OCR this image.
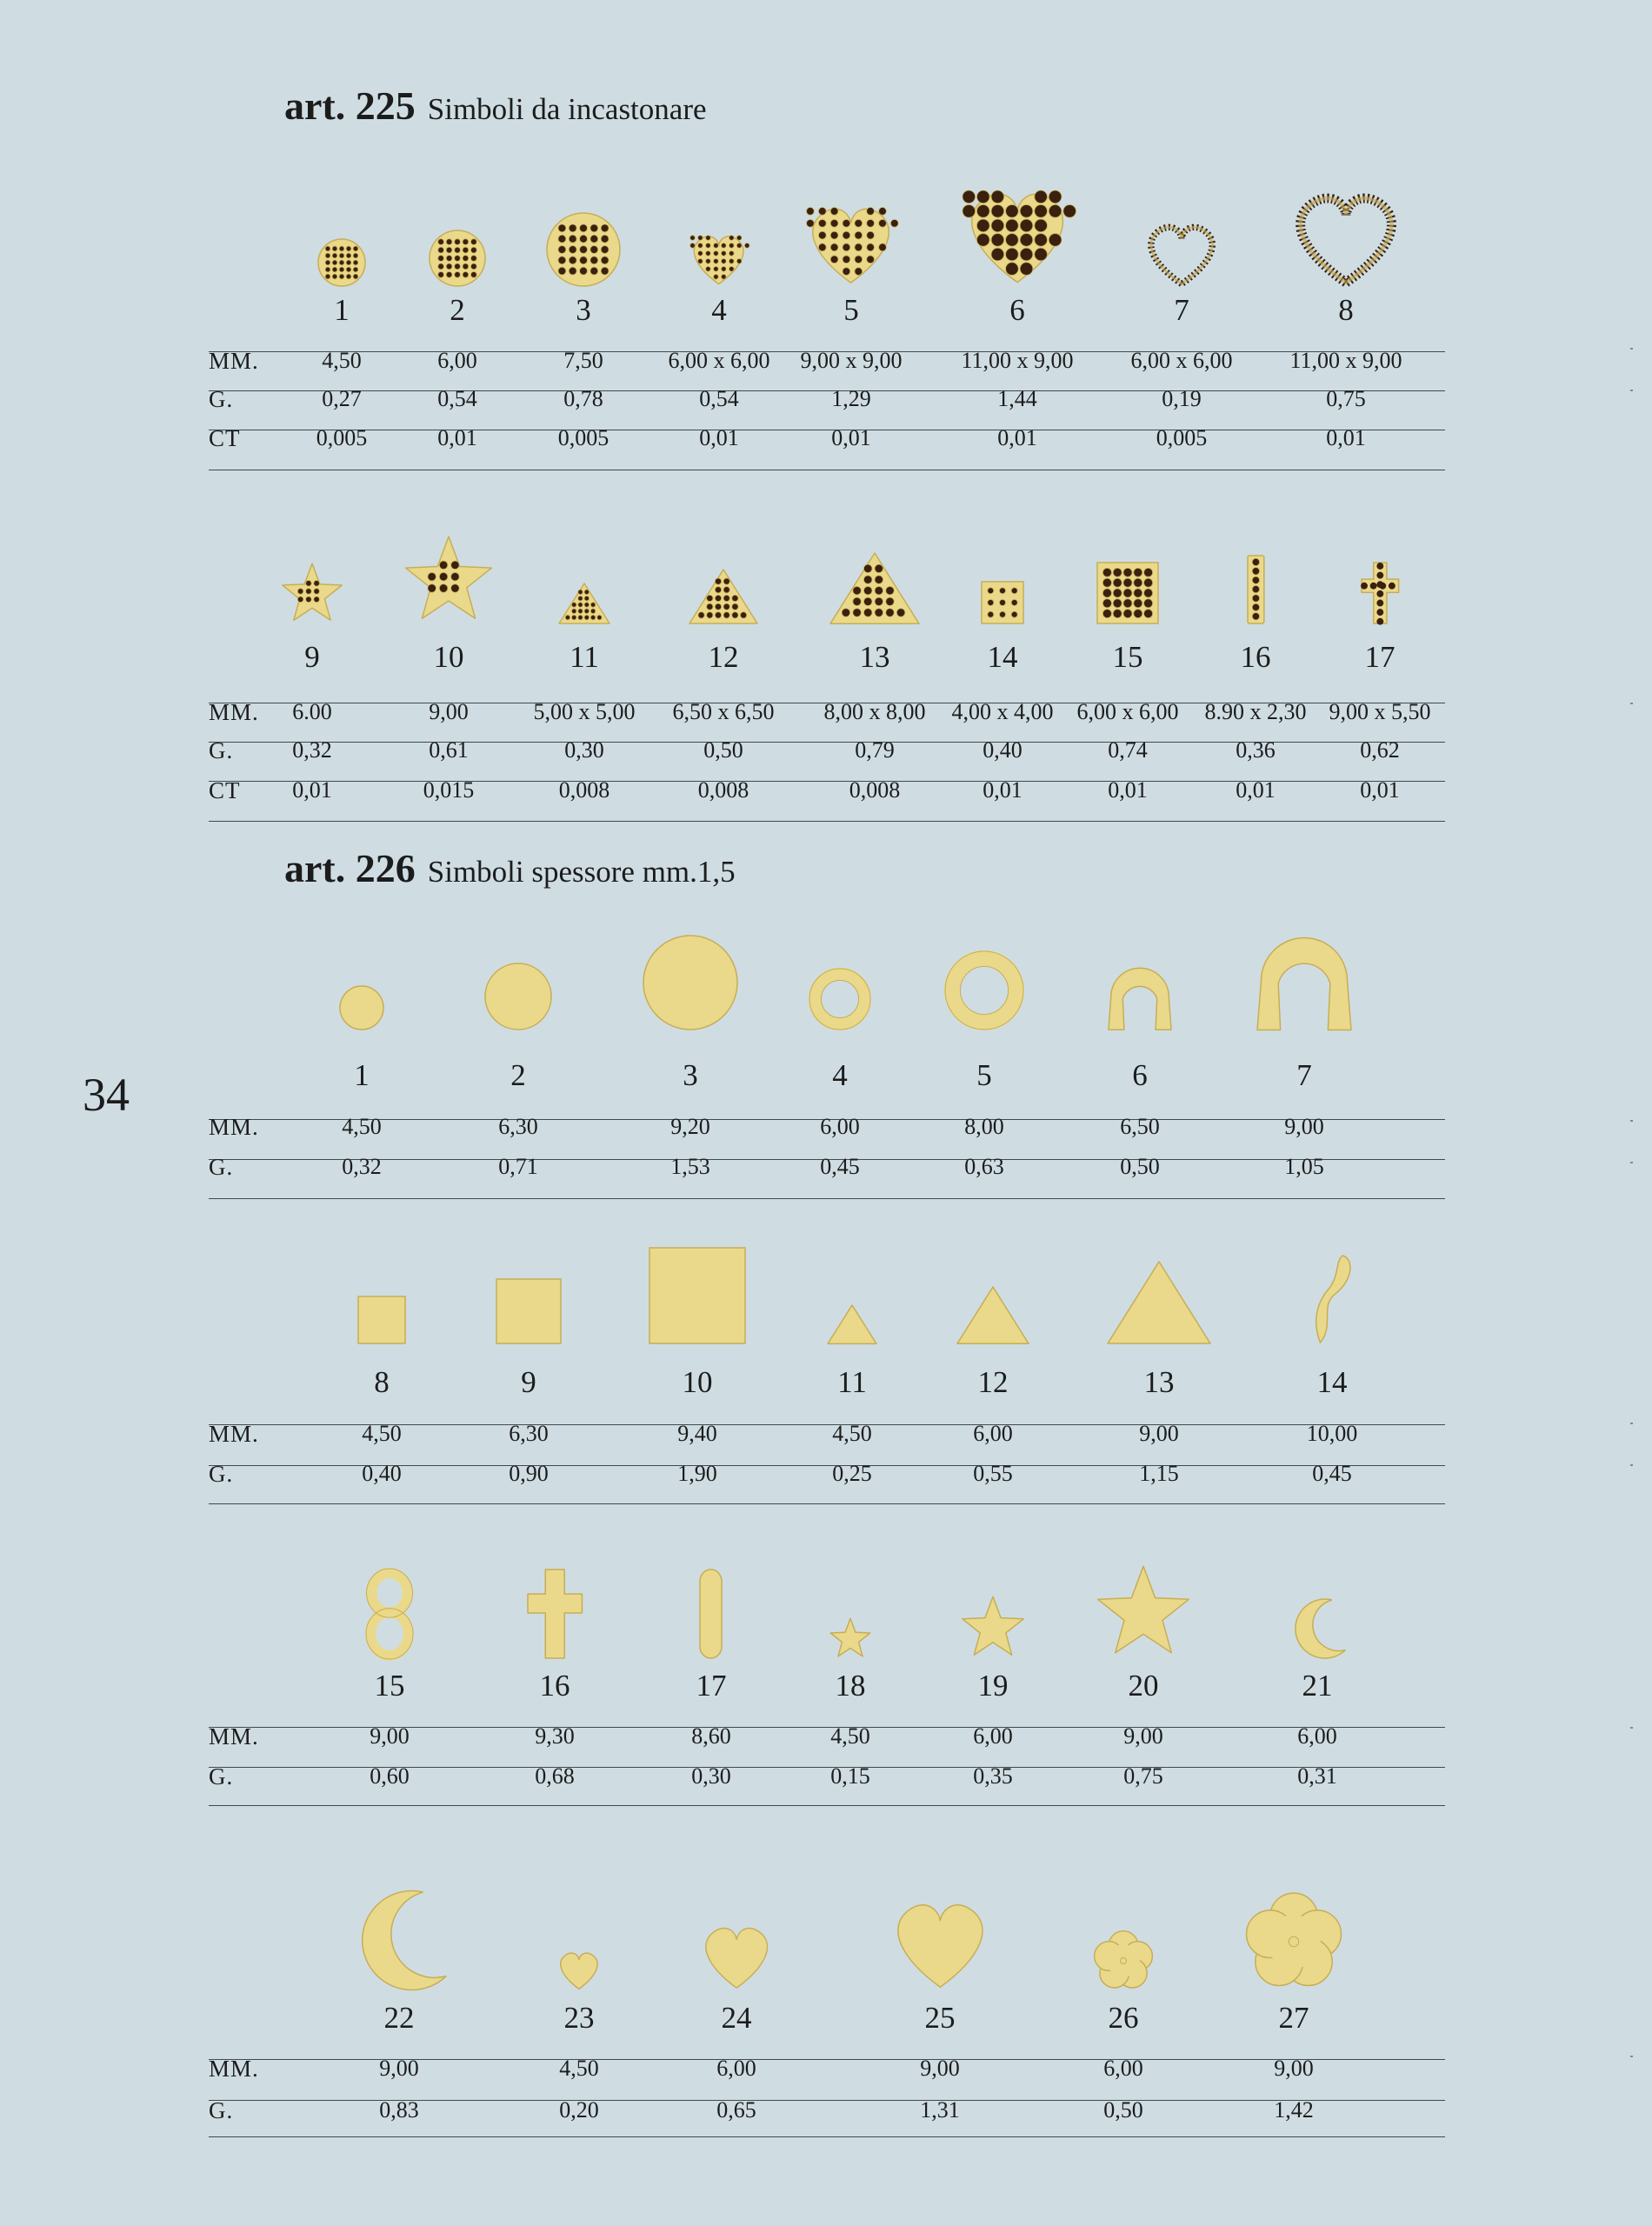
34
art. 225 Simboli da incastonare
art. 226 Simboli spessore mm.1,5
MM.
G.
CT
1
4,50
0,27
0,005
2
6,00
0,54
0,01
3
7,50
0,78
0,005
4
6,00 x 6,00
0,54
0,01
5
9,00 x 9,00
1,29
0,01
6
11,00 x 9,00
1,44
0,01
7
6,00 x 6,00
0,19
0,005
8
11,00 x 9,00
0,75
0,01
MM.
G.
CT
9
6.00
0,32
0,01
10
9,00
0,61
0,015
11
5,00 x 5,00
0,30
0,008
12
6,50 x 6,50
0,50
0,008
13
8,00 x 8,00
0,79
0,008
14
4,00 x 4,00
0,40
0,01
15
6,00 x 6,00
0,74
0,01
16
8.90 x 2,30
0,36
0,01
17
9,00 x 5,50
0,62
0,01
MM.
G.
1
4,50
0,32
2
6,30
0,71
3
9,20
1,53
4
6,00
0,45
5
8,00
0,63
6
6,50
0,50
7
9,00
1,05
MM.
G.
8
4,50
0,40
9
6,30
0,90
10
9,40
1,90
11
4,50
0,25
12
6,00
0,55
13
9,00
1,15
14
10,00
0,45
MM.
G.
15
9,00
0,60
16
9,30
0,68
17
8,60
0,30
18
4,50
0,15
19
6,00
0,35
20
9,00
0,75
21
6,00
0,31
MM.
G.
22
9,00
0,83
23
4,50
0,20
24
6,00
0,65
25
9,00
1,31
26
6,00
0,50
27
9,00
1,42
